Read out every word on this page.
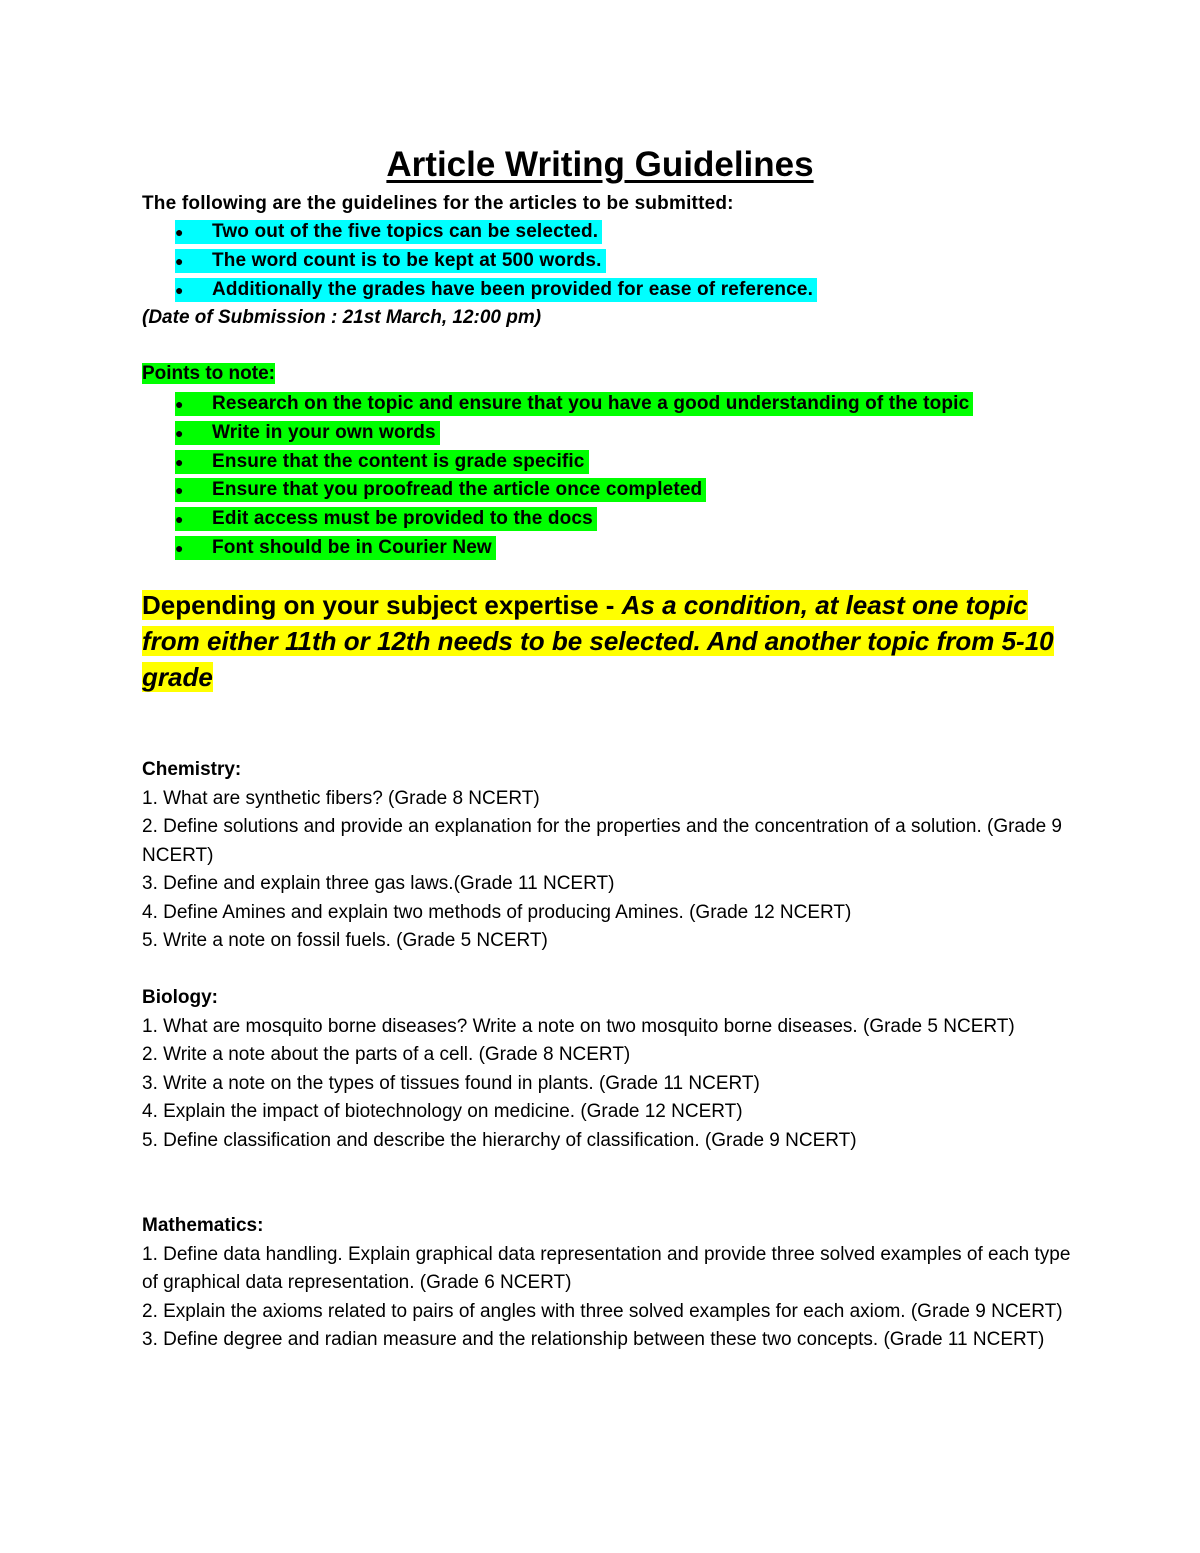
Article Writing Guidelines

The following are the guidelines for the articles to be submitted:

● Two out of the five topics can be selected.
● The word count is to be kept at 500 words.
● Additionally the grades have been provided for ease of reference.

(Date of Submission : 21st March, 12:00 pm)

Points to note:

● Research on the topic and ensure that you have a good understanding of the topic
● Write in your own words
● Ensure that the content is grade specific
● Ensure that you proofread the article once completed
● Edit access must be provided to the docs
● Font should be in Courier New

Depending on your subject expertise - As a condition, at least one topic from either 11th or 12th needs to be selected. And another topic from 5-10 grade

Chemistry:

1. What are synthetic fibers? (Grade 8 NCERT)
2. Define solutions and provide an explanation for the properties and the concentration of a solution. (Grade 9 NCERT)
3. Define and explain three gas laws.(Grade 11 NCERT)
4. Define Amines and explain two methods of producing Amines. (Grade 12 NCERT)
5. Write a note on fossil fuels. (Grade 5 NCERT)

Biology:

1. What are mosquito borne diseases? Write a note on two mosquito borne diseases. (Grade 5 NCERT)
2. Write a note about the parts of a cell. (Grade 8 NCERT)
3. Write a note on the types of tissues found in plants. (Grade 11 NCERT)
4. Explain the impact of biotechnology on medicine. (Grade 12 NCERT)
5. Define classification and describe the hierarchy of classification. (Grade 9 NCERT)

Mathematics:

1. Define data handling. Explain graphical data representation and provide three solved examples of each type of graphical data representation. (Grade 6 NCERT)
2. Explain the axioms related to pairs of angles with three solved examples for each axiom. (Grade 9 NCERT)
3. Define degree and radian measure and the relationship between these two concepts. (Grade 11 NCERT)
